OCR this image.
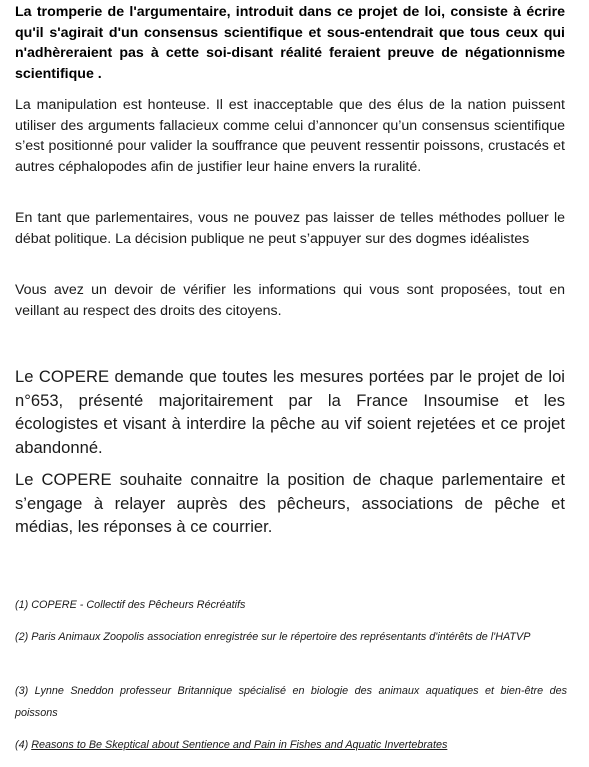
La tromperie de l'argumentaire, introduit dans ce projet de loi, consiste à écrire qu'il s'agirait d'un consensus scientifique et sous-entendrait que tous ceux qui n'adhèreraient pas à cette soi-disant réalité feraient preuve de négationnisme scientifique .

La manipulation est honteuse. Il est inacceptable que des élus de la nation puissent utiliser des arguments fallacieux comme celui d’annoncer qu’un consensus scientifique s’est positionné pour valider la souffrance que peuvent ressentir poissons, crustacés et autres céphalopodes afin de justifier leur haine envers la ruralité.

En tant que parlementaires, vous ne pouvez pas laisser de telles méthodes polluer le débat politique. La décision publique ne peut s’appuyer sur des dogmes idéalistes

Vous avez un devoir de vérifier les informations qui vous sont proposées, tout en veillant au respect des droits des citoyens.

Le COPERE demande que toutes les mesures portées par le projet de loi n°653, présenté majoritairement par la France Insoumise et les écologistes et visant à interdire la pêche au vif soient rejetées et ce projet abandonné.

Le COPERE souhaite connaitre la position de chaque parlementaire et s’engage à relayer auprès des pêcheurs, associations de pêche et médias, les réponses à ce courrier.

(1) COPERE - Collectif des Pêcheurs Récréatifs

(2) Paris Animaux Zoopolis association enregistrée sur le répertoire des représentants d'intérêts de l'HATVP

(3) Lynne Sneddon professeur Britannique spécialisé en biologie des animaux aquatiques et bien-être des poissons

(4) Reasons to Be Skeptical about Sentience and Pain in Fishes and Aquatic Invertebrates
